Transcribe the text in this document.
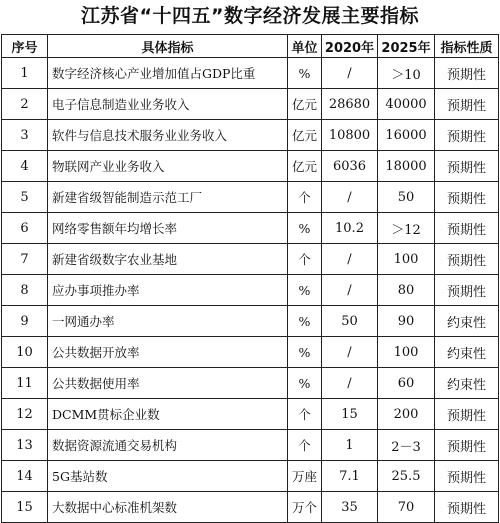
江苏省“十四五”数字经济发展主要指标
序号	具体指标	单位	2020年	2025年	指标性质
1	数字经济核心产业增加值占GDP比重	%	/	＞10	预期性
2	电子信息制造业业务收入	亿元	28680	40000	预期性
3	软件与信息技术服务业业务收入	亿元	10800	16000	预期性
4	物联网产业业务收入	亿元	6036	18000	预期性
5	新建省级智能制造示范工厂	个	/	50	预期性
6	网络零售额年均增长率	%	10.2	＞12	预期性
7	新建省级数字农业基地	个	/	100	预期性
8	应办事项推办率	%	/	80	预期性
9	一网通办率	%	50	90	约束性
10	公共数据开放率	%	/	100	约束性
11	公共数据使用率	%	/	60	约束性
12	DCMM贯标企业数	个	15	200	预期性
13	数据资源流通交易机构	个	1	2－3	预期性
14	5G基站数	万座	7.1	25.5	预期性
15	大数据中心标准机架数	万个	35	70	预期性
